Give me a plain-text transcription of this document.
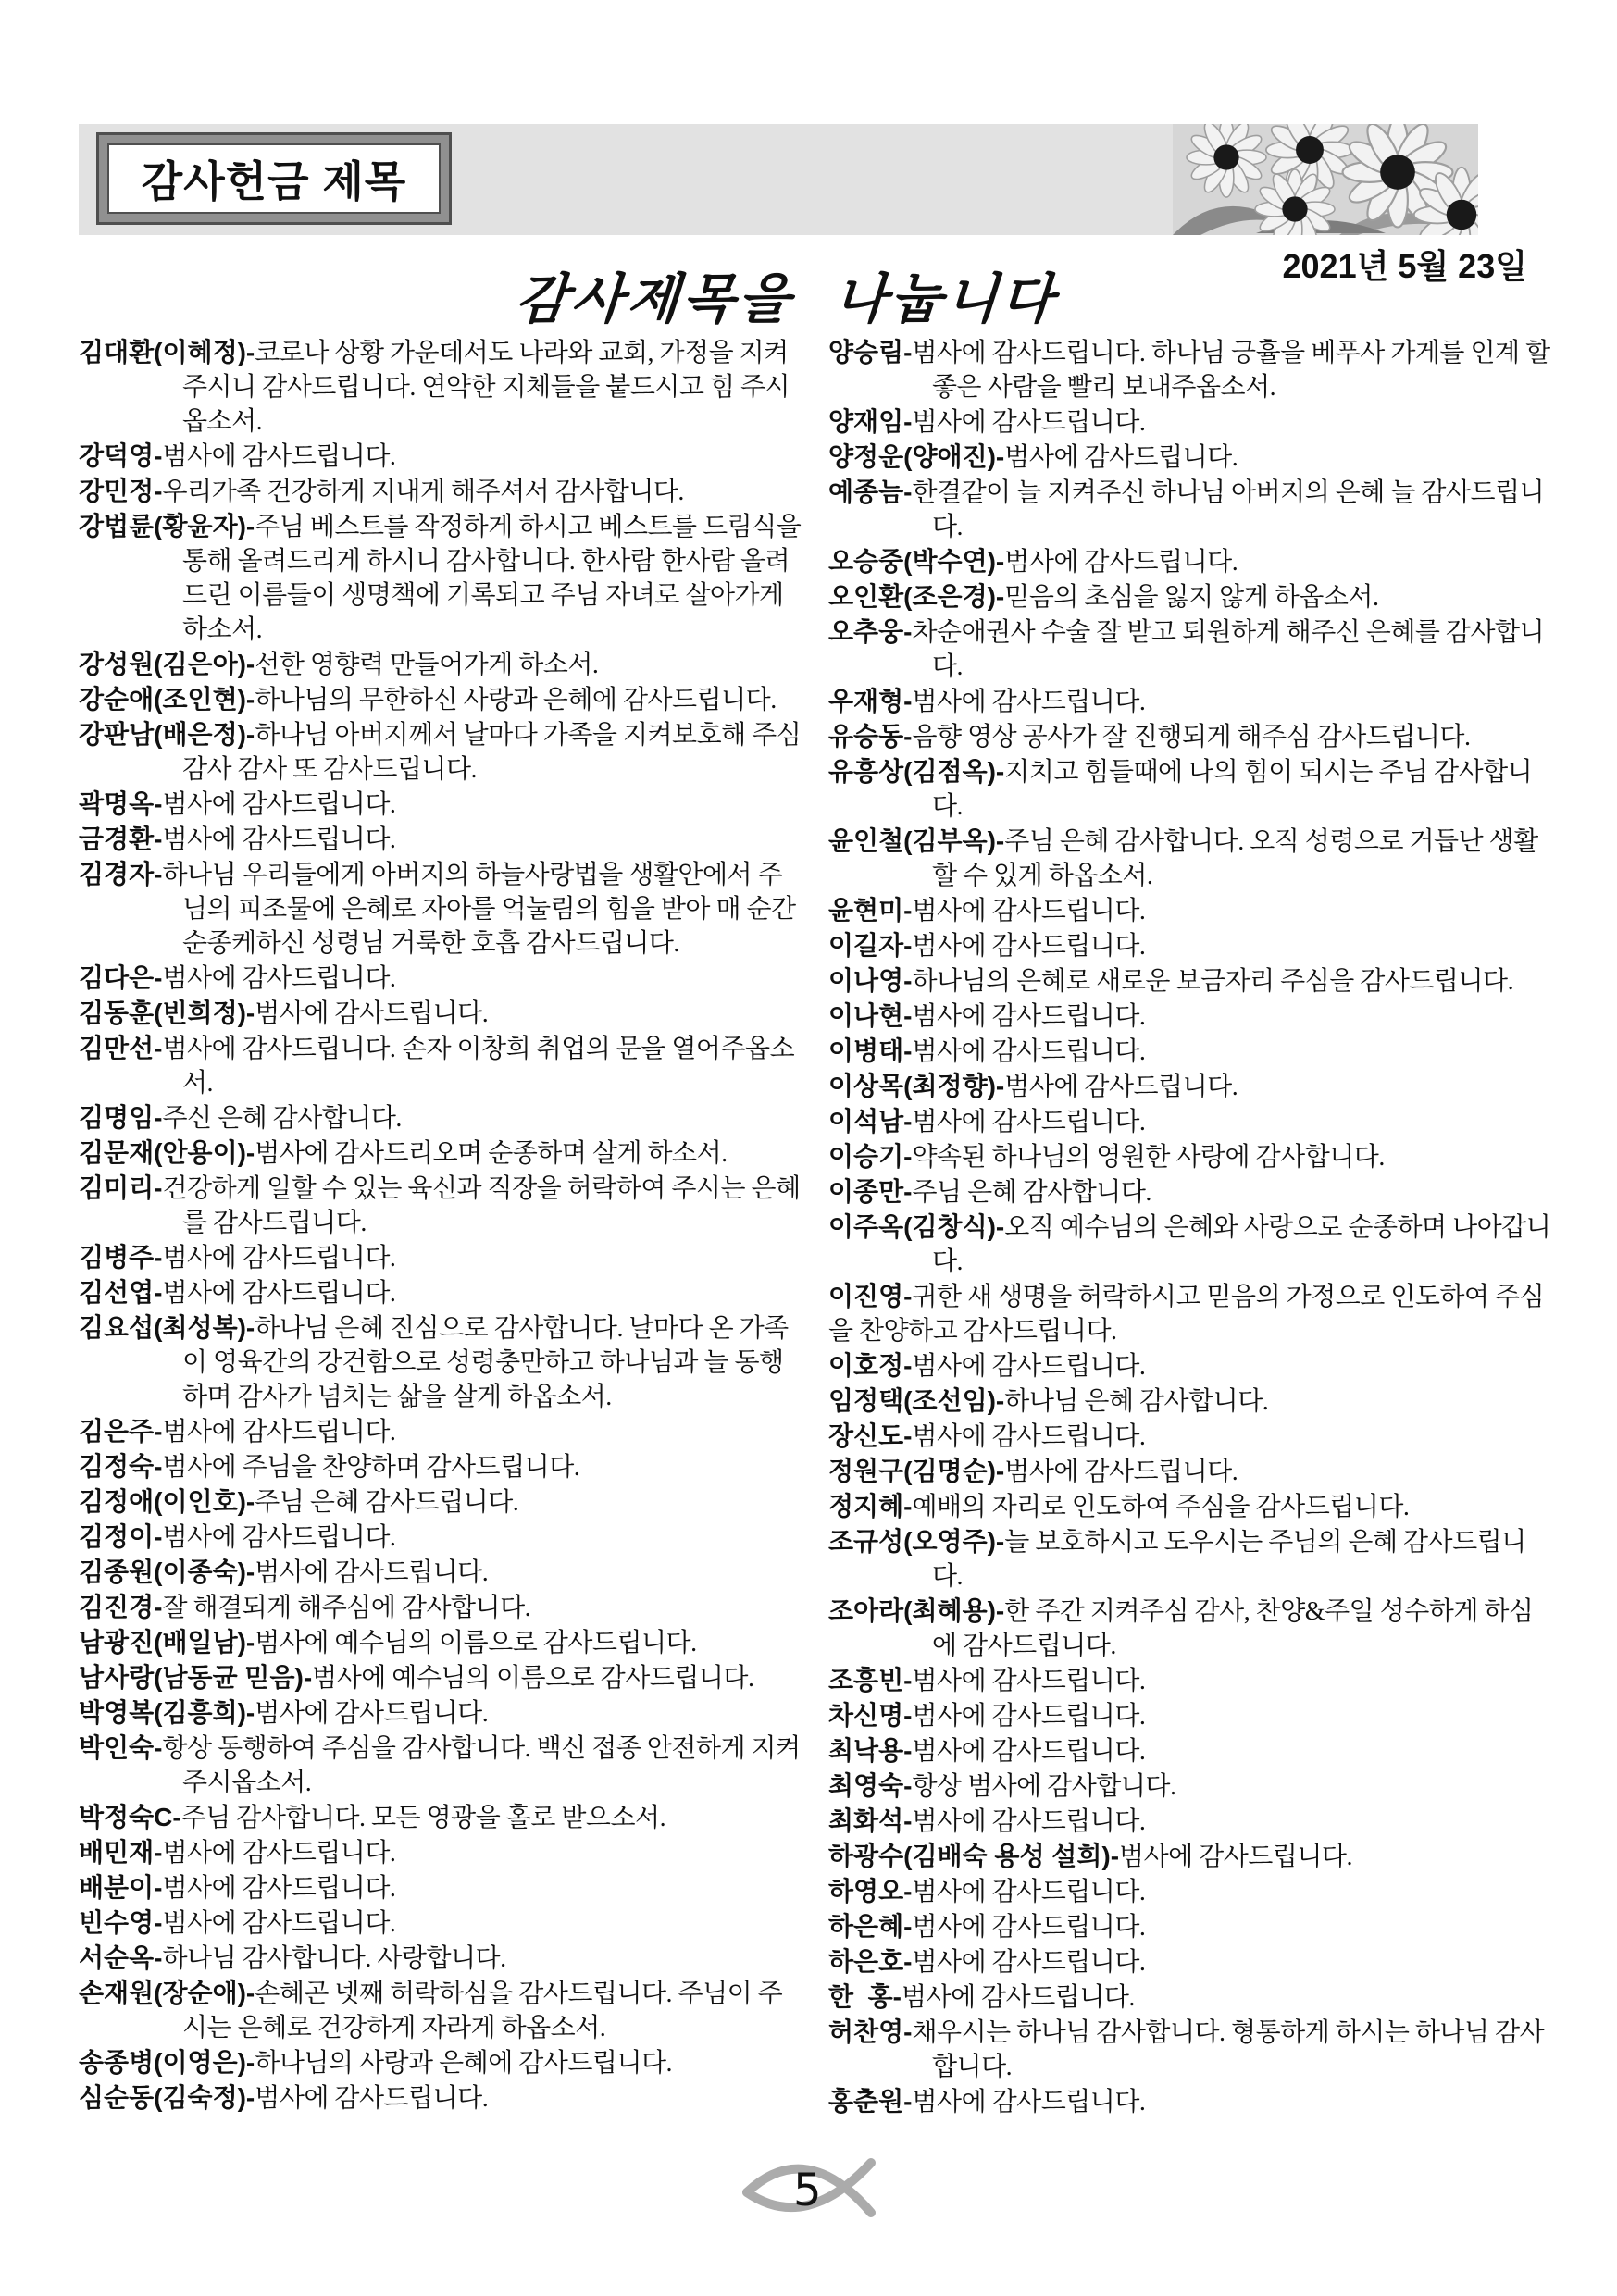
감사헌금 제목
2021년 5월 23일
감사제목을 나눕니다
김대환(이혜정)-코로나 상황 가운데서도 나라와 교회, 가정을 지켜주시니 감사드립니다. 연약한 지체들을 붙드시고 힘 주시옵소서.
강덕영-범사에 감사드립니다.
강민정-우리가족 건강하게 지내게 해주셔서 감사합니다.
강법륜(황윤자)-주님 베스트를 작정하게 하시고 베스트를 드림식을 통해 올려드리게 하시니 감사합니다. 한사람 한사람 올려드린 이름들이 생명책에 기록되고 주님 자녀로 살아가게 하소서.
강성원(김은아)-선한 영향력 만들어가게 하소서.
강순애(조인현)-하나님의 무한하신 사랑과 은혜에 감사드립니다.
강판남(배은정)-하나님 아버지께서 날마다 가족을 지켜보호해 주심 감사 감사 또 감사드립니다.
곽명옥-범사에 감사드립니다.
금경환-범사에 감사드립니다.
김경자-하나님 우리들에게 아버지의 하늘사랑법을 생활안에서 주님의 피조물에 은혜로 자아를 억눌림의 힘을 받아 매 순간 순종케하신 성령님 거룩한 호흡 감사드립니다.
김다은-범사에 감사드립니다.
김동훈(빈희정)-범사에 감사드립니다.
김만선-범사에 감사드립니다. 손자 이창희 취업의 문을 열어주옵소서.
김명임-주신 은혜 감사합니다.
김문재(안용이)-범사에 감사드리오며 순종하며 살게 하소서.
김미리-건강하게 일할 수 있는 육신과 직장을 허락하여 주시는 은혜를 감사드립니다.
김병주-범사에 감사드립니다.
김선엽-범사에 감사드립니다.
김요섭(최성복)-하나님 은혜 진심으로 감사합니다. 날마다 온 가족이 영육간의 강건함으로 성령충만하고 하나님과 늘 동행하며 감사가 넘치는 삶을 살게 하옵소서.
김은주-범사에 감사드립니다.
김정숙-범사에 주님을 찬양하며 감사드립니다.
김정애(이인호)-주님 은혜 감사드립니다.
김정이-범사에 감사드립니다.
김종원(이종숙)-범사에 감사드립니다.
김진경-잘 해결되게 해주심에 감사합니다.
남광진(배일남)-범사에 예수님의 이름으로 감사드립니다.
남사랑(남동균 믿음)-범사에 예수님의 이름으로 감사드립니다.
박영복(김흥희)-범사에 감사드립니다.
박인숙-항상 동행하여 주심을 감사합니다. 백신 접종 안전하게 지켜주시옵소서.
박정숙C-주님 감사합니다. 모든 영광을 홀로 받으소서.
배민재-범사에 감사드립니다.
배분이-범사에 감사드립니다.
빈수영-범사에 감사드립니다.
서순옥-하나님 감사합니다. 사랑합니다.
손재원(장순애)-손혜곤 넷째 허락하심을 감사드립니다. 주님이 주시는 은혜로 건강하게 자라게 하옵소서.
송종병(이영은)-하나님의 사랑과 은혜에 감사드립니다.
심순동(김숙정)-범사에 감사드립니다.
양승림-범사에 감사드립니다. 하나님 긍휼을 베푸사 가게를 인계 할 좋은 사람을 빨리 보내주옵소서.
양재임-범사에 감사드립니다.
양정운(양애진)-범사에 감사드립니다.
예종늠-한결같이 늘 지켜주신 하나님 아버지의 은혜 늘 감사드립니다.
오승중(박수연)-범사에 감사드립니다.
오인환(조은경)-믿음의 초심을 잃지 않게 하옵소서.
오추웅-차순애권사 수술 잘 받고 퇴원하게 해주신 은혜를 감사합니다.
우재형-범사에 감사드립니다.
유승동-음향 영상 공사가 잘 진행되게 해주심 감사드립니다.
유흥상(김점옥)-지치고 힘들때에 나의 힘이 되시는 주님 감사합니다.
윤인철(김부옥)-주님 은혜 감사합니다. 오직 성령으로 거듭난 생활 할 수 있게 하옵소서.
윤현미-범사에 감사드립니다.
이길자-범사에 감사드립니다.
이나영-하나님의 은혜로 새로운 보금자리 주심을 감사드립니다.
이나현-범사에 감사드립니다.
이병태-범사에 감사드립니다.
이상목(최정향)-범사에 감사드립니다.
이석남-범사에 감사드립니다.
이승기-약속된 하나님의 영원한 사랑에 감사합니다.
이종만-주님 은혜 감사합니다.
이주옥(김창식)-오직 예수님의 은혜와 사랑으로 순종하며 나아갑니다.
이진영-귀한 새 생명을 허락하시고 믿음의 가정으로 인도하여 주심을 찬양하고 감사드립니다.
이호정-범사에 감사드립니다.
임정택(조선임)-하나님 은혜 감사합니다.
장신도-범사에 감사드립니다.
정원구(김명순)-범사에 감사드립니다.
정지혜-예배의 자리로 인도하여 주심을 감사드립니다.
조규성(오영주)-늘 보호하시고 도우시는 주님의 은혜 감사드립니다.
조아라(최혜용)-한 주간 지켜주심 감사, 찬양&주일 성수하게 하심에 감사드립니다.
조흥빈-범사에 감사드립니다.
차신명-범사에 감사드립니다.
최낙용-범사에 감사드립니다.
최영숙-항상 범사에 감사합니다.
최화석-범사에 감사드립니다.
하광수(김배숙 용성 설희)-범사에 감사드립니다.
하영오-범사에 감사드립니다.
하은혜-범사에 감사드립니다.
하은호-범사에 감사드립니다.
한  홍-범사에 감사드립니다.
허찬영-채우시는 하나님 감사합니다. 형통하게 하시는 하나님 감사합니다.
홍춘원-범사에 감사드립니다.
5
